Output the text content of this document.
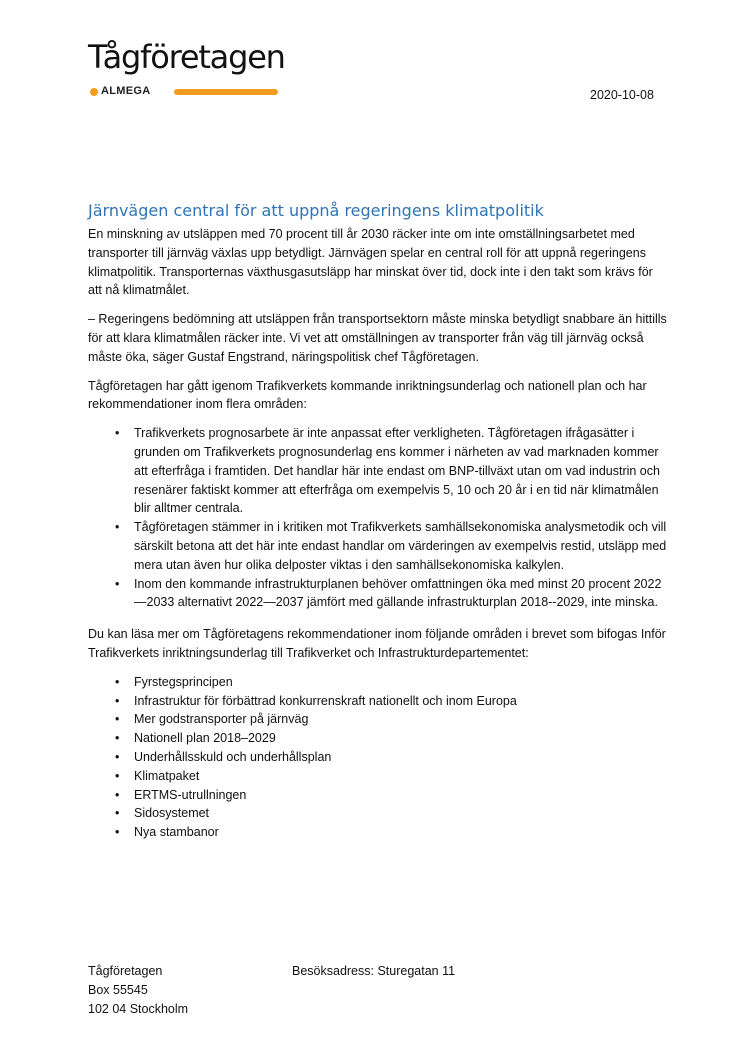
Tågföretagen
ALMEGA	2020-10-08
Järnvägen central för att uppnå regeringens klimatpolitik

En minskning av utsläppen med 70 procent till år 2030 räcker inte om inte omställningsarbetet med transporter till järnväg växlas upp betydligt. Järnvägen spelar en central roll för att uppnå regeringens klimatpolitik. Transporternas växthusgasutsläpp har minskat över tid, dock inte i den takt som krävs för att nå klimatmålet.

– Regeringens bedömning att utsläppen från transportsektorn måste minska betydligt snabbare än hittills för att klara klimatmålen räcker inte. Vi vet att omställningen av transporter från väg till järnväg också måste öka, säger Gustaf Engstrand, näringspolitisk chef Tågföretagen.

Tågföretagen har gått igenom Trafikverkets kommande inriktningsunderlag och nationell plan och har rekommendationer inom flera områden:

• Trafikverkets prognosarbete är inte anpassat efter verkligheten. Tågföretagen ifrågasätter i grunden om Trafikverkets prognosunderlag ens kommer i närheten av vad marknaden kommer att efterfråga i framtiden. Det handlar här inte endast om BNP-tillväxt utan om vad industrin och resenärer faktiskt kommer att efterfråga om exempelvis 5, 10 och 20 år i en tid när klimatmålen blir alltmer centrala.
• Tågföretagen stämmer in i kritiken mot Trafikverkets samhällsekonomiska analysmetodik och vill särskilt betona att det här inte endast handlar om värderingen av exempelvis restid, utsläpp med mera utan även hur olika delposter viktas i den samhällsekonomiska kalkylen.
• Inom den kommande infrastrukturplanen behöver omfattningen öka med minst 20 procent 2022—2033 alternativt 2022—2037 jämfört med gällande infrastrukturplan 2018--2029, inte minska.

Du kan läsa mer om Tågföretagens rekommendationer inom följande områden i brevet som bifogas Inför Trafikverkets inriktningsunderlag till Trafikverket och Infrastrukturdepartementet:

• Fyrstegsprincipen
• Infrastruktur för förbättrad konkurrenskraft nationellt och inom Europa
• Mer godstransporter på järnväg
• Nationell plan 2018–2029
• Underhållsskuld och underhållsplan
• Klimatpaket
• ERTMS-utrullningen
• Sidosystemet
• Nya stambanor
Tågföretagen
Box 55545
102 04 Stockholm
Besöksadress: Sturegatan 11
